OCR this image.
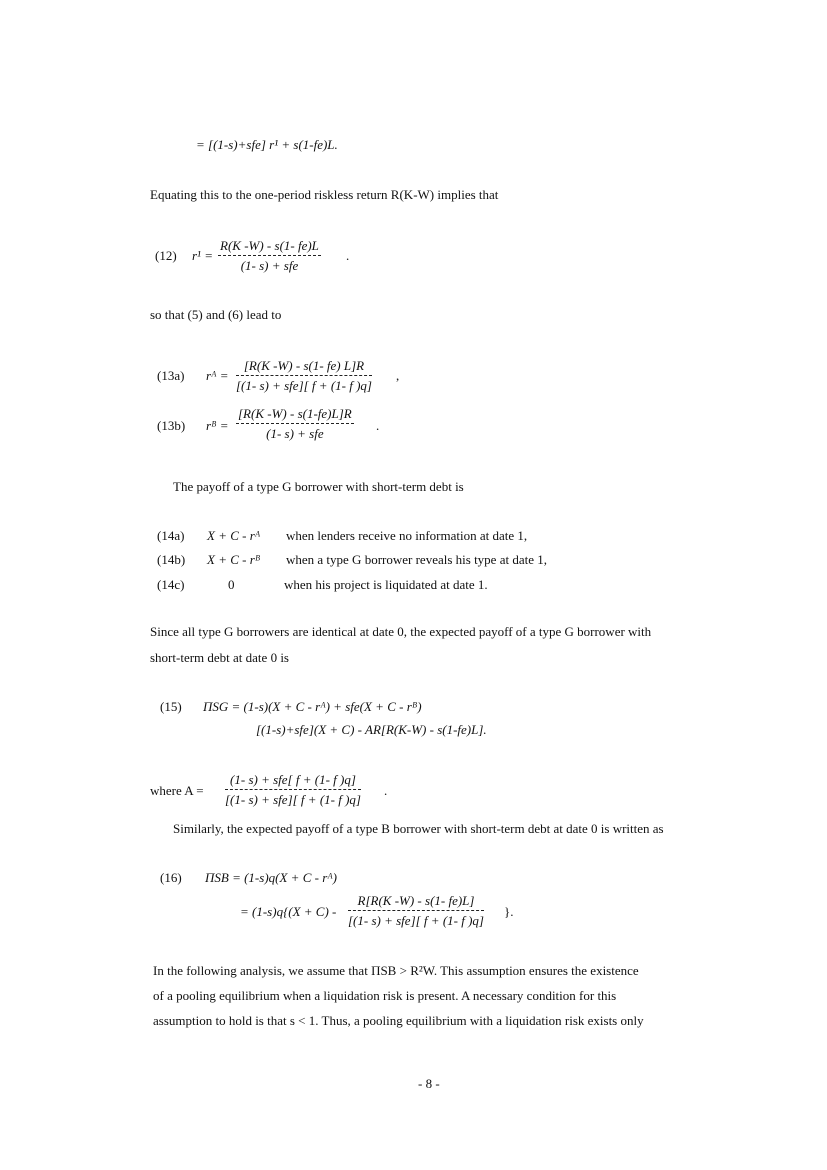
= [(1-s)+sfe] r¹ + s(1-fe)L.
Equating this to the one-period riskless return R(K-W) implies that
(12) r¹ =
R(K -W) - s(1- fe)L
(1- s) + sfe
.
so that (5) and (6) lead to
(13a) rᴬ =
[R(K -W) - s(1- fe) L]R
[(1- s) + sfe][ f + (1- f )q]
,
(13b) rᴮ =
[R(K -W) - s(1-fe)L]R
(1- s) + sfe
.
The payoff of a type G borrower with short-term debt is
(14a) X + C - rᴬ when lenders receive no information at date 1,
(14b) X + C - rᴮ when a type G borrower reveals his type at date 1,
(14c)	0	when his project is liquidated at date 1.
Since all type G borrowers are identical at date 0, the expected payoff of a type G borrower with
short-term debt at date 0 is
(15) ΠSG = (1-s)(X + C - rᴬ) + sfe(X + C - rᴮ)
[(1-s)+sfe](X + C) - AR[R(K-W) - s(1-fe)L].
where A =
(1- s) + sfe[ f + (1- f )q]
[(1- s) + sfe][ f + (1- f )q]
.
Similarly, the expected payoff of a type B borrower with short-term debt at date 0 is written as
(16) ΠSB = (1-s)q(X + C - rᴬ)
= (1-s)q{(X + C) -
R[R(K -W) - s(1- fe)L]
[(1- s) + sfe][ f + (1- f )q]
}.
In the following analysis, we assume that ΠSB > R²W. This assumption ensures the existence
of a pooling equilibrium when a liquidation risk is present. A necessary condition for this
assumption to hold is that s < 1. Thus, a pooling equilibrium with a liquidation risk exists only
- 8 -
